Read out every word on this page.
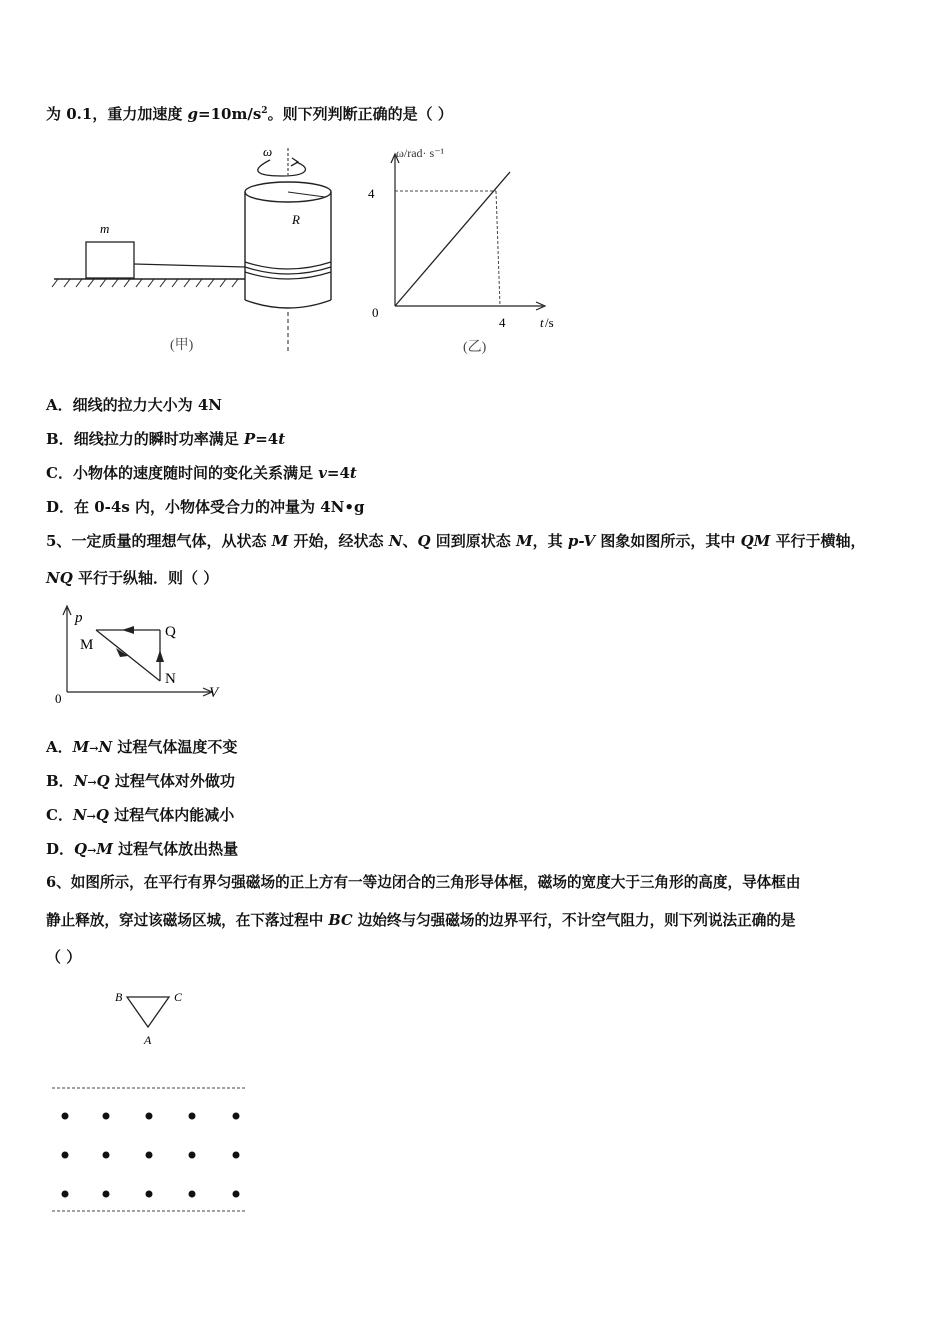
为 0.1，重力加速度 $g=10m/s^2$。则下列判断正确的是（ ）
ω
R
m
(甲)
ω/rad· s⁻¹
4
0
4	t /s
(乙)
A．细线的拉力大小为 4N
B．细线拉力的瞬时功率满足 P=4t
C．小物体的速度随时间的变化关系满足 v=4t
D．在 0-4s 内，小物体受合力的冲量为 4N•g
5、一定质量的理想气体，从状态 M 开始，经状态 N、Q 回到原状态 M，其 p-V 图象如图所示，其中 QM 平行于横轴，
NQ 平行于纵轴．则（ ）
p
V
0
M
Q
N
A．M→N 过程气体温度不变
B．N→Q 过程气体对外做功
C．N→Q 过程气体内能减小
D．Q→M 过程气体放出热量
6、如图所示，在平行有界匀强磁场的正上方有一等边闭合的三角形导体框，磁场的宽度大于三角形的高度，导体框由
静止释放，穿过该磁场区城，在下落过程中 BC 边始终与匀强磁场的边界平行，不计空气阻力，则下列说法正确的是
（ ）
B	C
A
